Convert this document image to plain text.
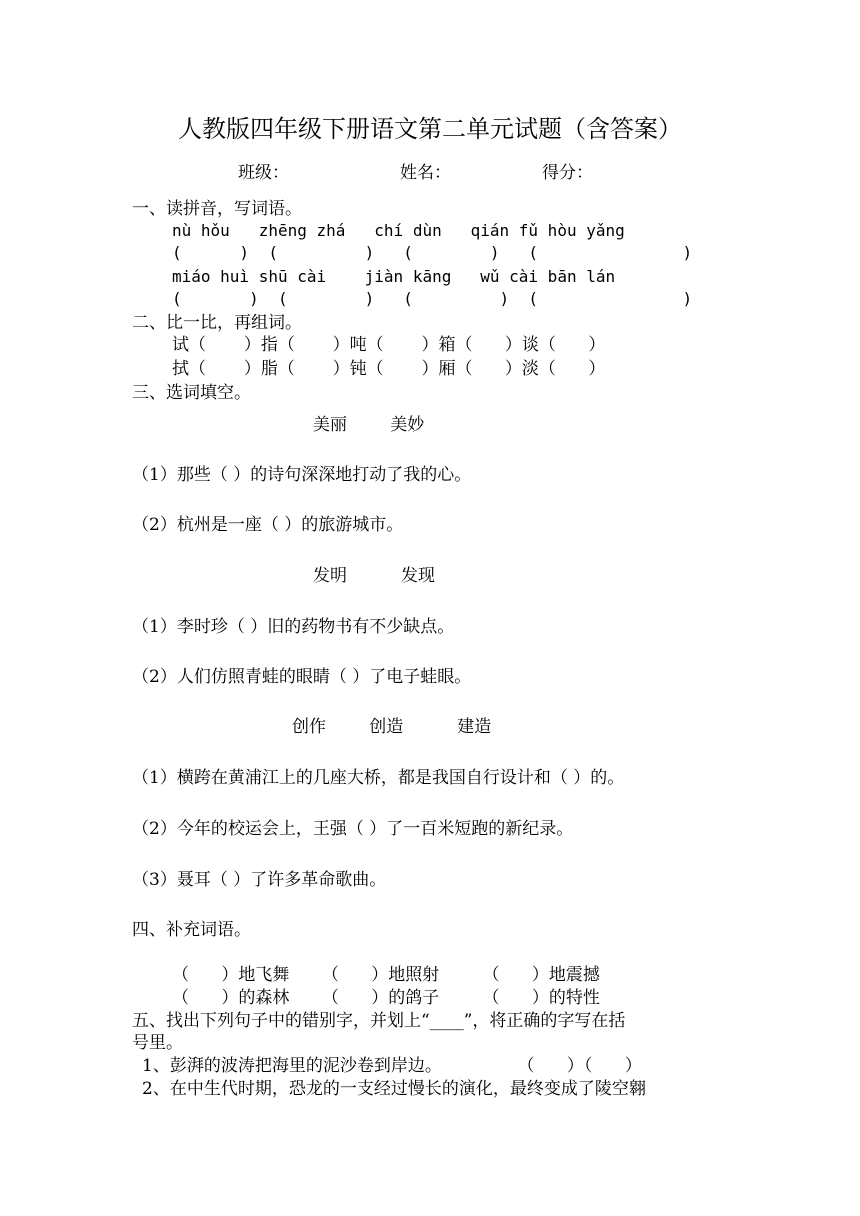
人教版四年级下册语文第二单元试题（含答案）
班级：	姓名：	得分：
一、读拼音，写词语。
nù hǒu   zhēng zhá   chí dùn   qián fǔ hòu yǎng
(      )  (         )   (        )   (               )
miáo huì shū cài    jiàn kāng   wǔ cài bān lán
(       )  (        )   (         )  (               )
二、比一比，再组词。
试（       ）指（       ）吨（       ）箱（      ）谈（      ）
拭（       ）脂（       ）钝（       ）厢（      ）淡（      ）
三、选词填空。
美丽        美妙
（1）那些（ ）的诗句深深地打动了我的心。
（2）杭州是一座（ ）的旅游城市。
发明          发现
（1）李时珍（ ）旧的药物书有不少缺点。
（2）人们仿照青蛙的眼睛（ ）了电子蛙眼。
创作        创造          建造
（1）横跨在黄浦江上的几座大桥，都是我国自行设计和（ ）的。
（2）今年的校运会上，王强（ ）了一百米短跑的新纪录。
（3）聂耳（ ）了许多革命歌曲。
四、补充词语。
（      ）地飞舞      （      ）地照射        （      ）地震撼
（      ）的森林      （      ）的鸽子        （      ）的特性
五、找出下列句子中的错别字，并划上“____”，将正确的字写在括
号里。
1、彭湃的波涛把海里的泥沙卷到岸边。              （      ）（      ）
2、在中生代时期，恐龙的一支经过慢长的演化，最终变成了陵空翱
